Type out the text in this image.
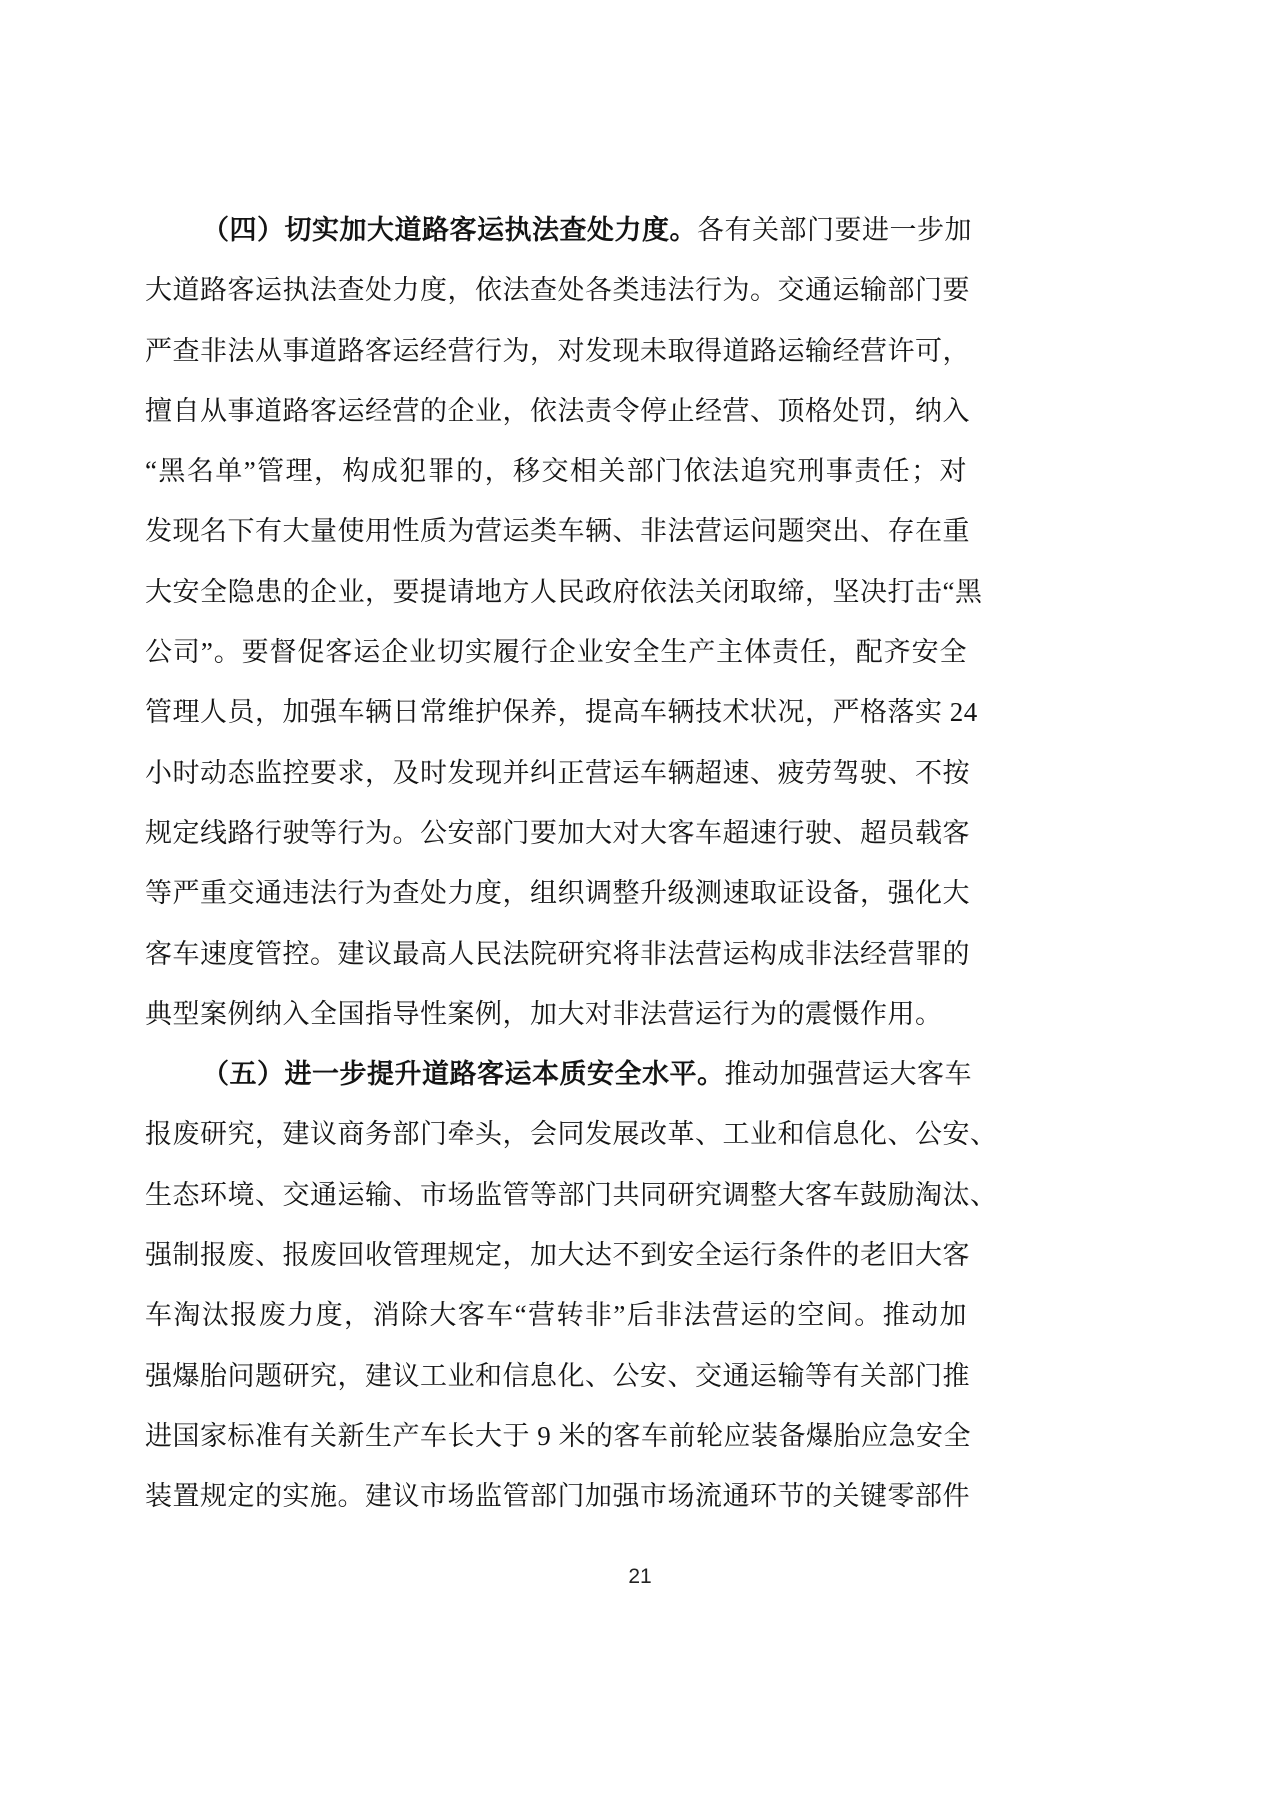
（四）切实加大道路客运执法查处力度。各有关部门要进一步加
大道路客运执法查处力度，依法查处各类违法行为。交通运输部门要
严查非法从事道路客运经营行为，对发现未取得道路运输经营许可，
擅自从事道路客运经营的企业，依法责令停止经营、顶格处罚，纳入
“黑名单”管理，构成犯罪的，移交相关部门依法追究刑事责任；对
发现名下有大量使用性质为营运类车辆、非法营运问题突出、存在重
大安全隐患的企业，要提请地方人民政府依法关闭取缔，坚决打击“黑
公司”。要督促客运企业切实履行企业安全生产主体责任，配齐安全
管理人员，加强车辆日常维护保养，提高车辆技术状况，严格落实 24
小时动态监控要求，及时发现并纠正营运车辆超速、疲劳驾驶、不按
规定线路行驶等行为。公安部门要加大对大客车超速行驶、超员载客
等严重交通违法行为查处力度，组织调整升级测速取证设备，强化大
客车速度管控。建议最高人民法院研究将非法营运构成非法经营罪的
典型案例纳入全国指导性案例，加大对非法营运行为的震慑作用。
（五）进一步提升道路客运本质安全水平。推动加强营运大客车
报废研究，建议商务部门牵头，会同发展改革、工业和信息化、公安、
生态环境、交通运输、市场监管等部门共同研究调整大客车鼓励淘汰、
强制报废、报废回收管理规定，加大达不到安全运行条件的老旧大客
车淘汰报废力度，消除大客车“营转非”后非法营运的空间。推动加
强爆胎问题研究，建议工业和信息化、公安、交通运输等有关部门推
进国家标准有关新生产车长大于 9 米的客车前轮应装备爆胎应急安全
装置规定的实施。建议市场监管部门加强市场流通环节的关键零部件
21
